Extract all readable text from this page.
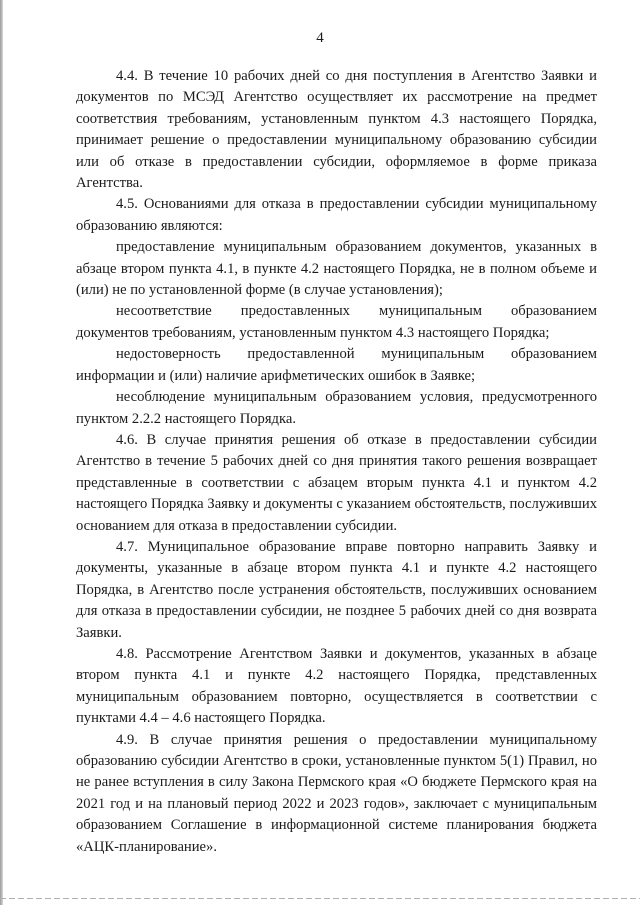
4

4.4. В течение 10 рабочих дней со дня поступления в Агентство Заявки и документов по МСЭД Агентство осуществляет их рассмотрение на предмет соответствия требованиям, установленным пунктом 4.3 настоящего Порядка, принимает решение о предоставлении муниципальному образованию субсидии или об отказе в предоставлении субсидии, оформляемое в форме приказа Агентства.

4.5. Основаниями для отказа в предоставлении субсидии муниципальному образованию являются:

предоставление муниципальным образованием документов, указанных в абзаце втором пункта 4.1, в пункте 4.2 настоящего Порядка, не в полном объеме и (или) не по установленной форме (в случае установления);

несоответствие предоставленных муниципальным образованием документов требованиям, установленным пунктом 4.3 настоящего Порядка;

недостоверность предоставленной муниципальным образованием информации и (или) наличие арифметических ошибок в Заявке;

несоблюдение муниципальным образованием условия, предусмотренного пунктом 2.2.2 настоящего Порядка.

4.6. В случае принятия решения об отказе в предоставлении субсидии Агентство в течение 5 рабочих дней со дня принятия такого решения возвращает представленные в соответствии с абзацем вторым пункта 4.1 и пунктом 4.2 настоящего Порядка Заявку и документы с указанием обстоятельств, послуживших основанием для отказа в предоставлении субсидии.

4.7. Муниципальное образование вправе повторно направить Заявку и документы, указанные в абзаце втором пункта 4.1 и пункте 4.2 настоящего Порядка, в Агентство после устранения обстоятельств, послуживших основанием для отказа в предоставлении субсидии, не позднее 5 рабочих дней со дня возврата Заявки.

4.8. Рассмотрение Агентством Заявки и документов, указанных в абзаце втором пункта 4.1 и пункте 4.2 настоящего Порядка, представленных муниципальным образованием повторно, осуществляется в соответствии с пунктами 4.4 – 4.6 настоящего Порядка.

4.9. В случае принятия решения о предоставлении муниципальному образованию субсидии Агентство в сроки, установленные пунктом 5(1) Правил, но не ранее вступления в силу Закона Пермского края «О бюджете Пермского края на 2021 год и на плановый период 2022 и 2023 годов», заключает с муниципальным образованием Соглашение в информационной системе планирования бюджета «АЦК-планирование».
